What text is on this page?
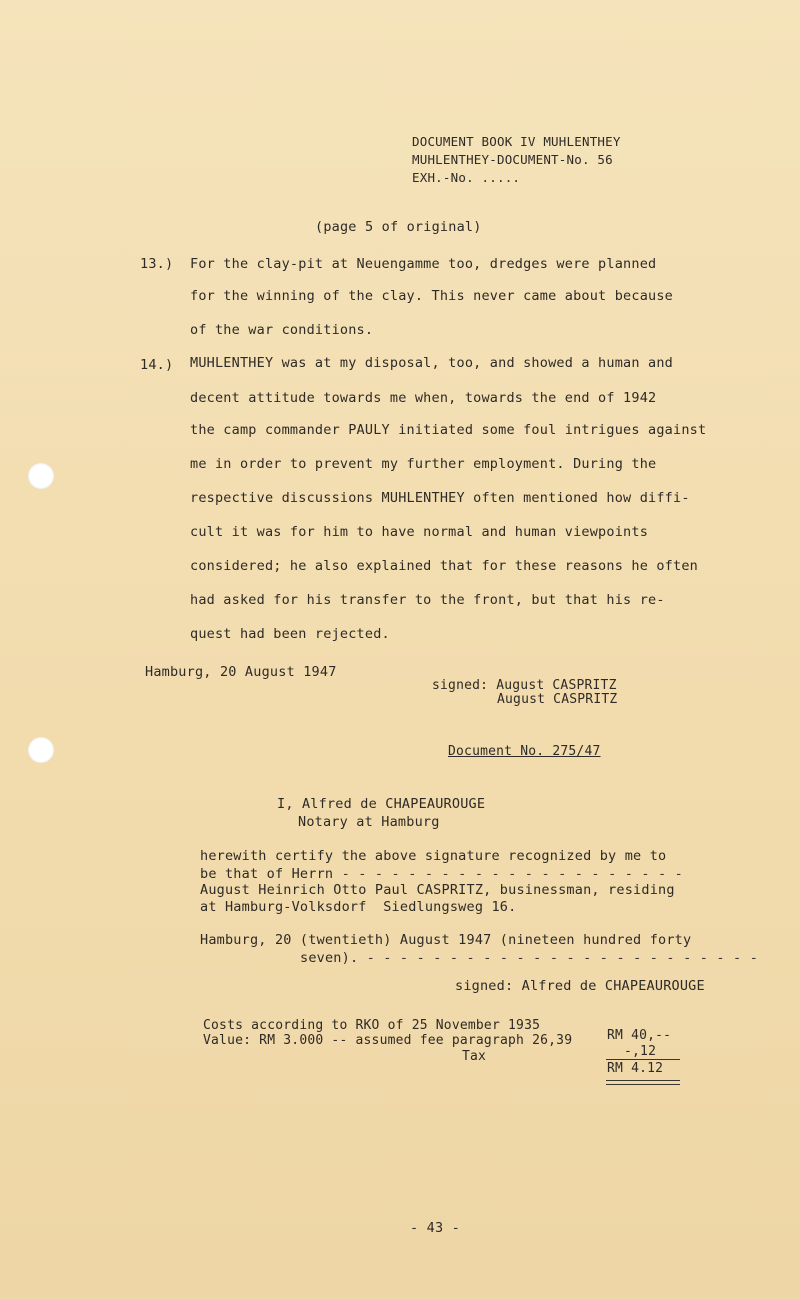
DOCUMENT BOOK IV MUHLENTHEY
MUHLENTHEY-DOCUMENT-No. 56
EXH.-No. .....
(page 5 of original)
13.) For the clay-pit at Neuengamme too, dredges were planned
for the winning of the clay. This never came about because
of the war conditions.
14.) MUHLENTHEY was at my disposal, too, and showed a human and
decent attitude towards me when, towards the end of 1942
the camp commander PAULY initiated some foul intrigues against
me in order to prevent my further employment. During the
respective discussions MUHLENTHEY often mentioned how diffi-
cult it was for him to have normal and human viewpoints
considered; he also explained that for these reasons he often
had asked for his transfer to the front, but that his re-
quest had been rejected.
Hamburg, 20 August 1947
signed: August CASPRITZ
August CASPRITZ
Document No. 275/47
I, Alfred de CHAPEAUROUGE
Notary at Hamburg
herewith certify the above signature recognized by me to
be that of Herrn - - - - - - - - - - - - - - - - - - - - -
August Heinrich Otto Paul CASPRITZ, businessman, residing
at Hamburg-Volksdorf  Siedlungsweg 16.
Hamburg, 20 (twentieth) August 1947 (nineteen hundred forty
seven). - - - - - - - - - - - - - - - - - - - - - - - -
signed: Alfred de CHAPEAUROUGE
Costs according to RKO of 25 November 1935
Value: RM 3.000 -- assumed fee paragraph 26,39
Tax
RM 40,--
-,12
RM 4.12
- 43 -
